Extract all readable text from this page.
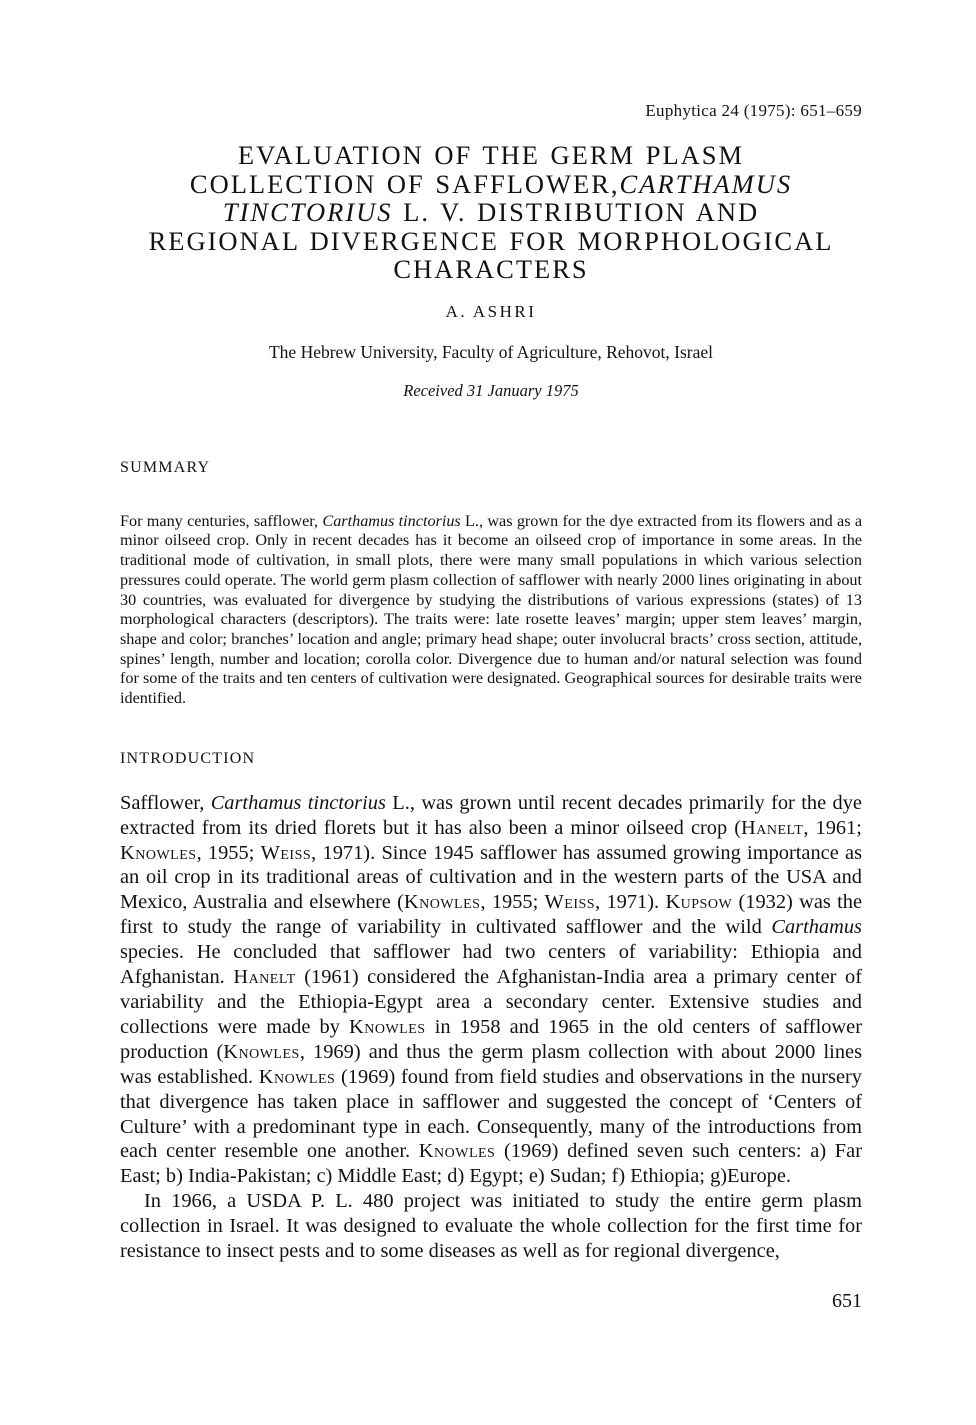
Euphytica 24 (1975): 651–659
EVALUATION OF THE GERM PLASM
COLLECTION OF SAFFLOWER,CARTHAMUS
TINCTORIUS L. V. DISTRIBUTION AND
REGIONAL DIVERGENCE FOR MORPHOLOGICAL
CHARACTERS
A. ASHRI
The Hebrew University, Faculty of Agriculture, Rehovot, Israel
Received 31 January 1975
SUMMARY

For many centuries, safflower, Carthamus tinctorius L., was grown for the dye extracted from its flowers and as a minor oilseed crop. Only in recent decades has it become an oilseed crop of importance in some areas. In the traditional mode of cultivation, in small plots, there were many small populations in which various selection pressures could operate. The world germ plasm collection of safflower with nearly 2000 lines originating in about 30 countries, was evaluated for divergence by studying the distributions of various expressions (states) of 13 morphological characters (descriptors). The traits were: late rosette leaves’ margin; upper stem leaves’ margin, shape and color; branches’ location and angle; primary head shape; outer involucral bracts’ cross section, attitude, spines’ length, number and location; corolla color. Divergence due to human and/or natural selection was found for some of the traits and ten centers of cultivation were designated. Geographical sources for desirable traits were identified.

INTRODUCTION

Safflower, Carthamus tinctorius L., was grown until recent decades primarily for the dye extracted from its dried florets but it has also been a minor oilseed crop (Hanelt, 1961; Knowles, 1955; Weiss, 1971). Since 1945 safflower has assumed growing importance as an oil crop in its traditional areas of cultivation and in the western parts of the USA and Mexico, Australia and elsewhere (Knowles, 1955; Weiss, 1971). Kupsow (1932) was the first to study the range of variability in cultivated safflower and the wild Carthamus species. He concluded that safflower had two centers of variability: Ethiopia and Afghanistan. Hanelt (1961) considered the Afghanistan-India area a primary center of variability and the Ethiopia-Egypt area a secondary center. Extensive studies and collections were made by Knowles in 1958 and 1965 in the old centers of safflower production (Knowles, 1969) and thus the germ plasm collection with about 2000 lines was established. Knowles (1969) found from field studies and observations in the nursery that divergence has taken place in safflower and suggested the concept of ‘Centers of Culture’ with a predominant type in each. Consequently, many of the introductions from each center resemble one another. Knowles (1969) defined seven such centers: a) Far East; b) India-Pakistan; c) Middle East; d) Egypt; e) Sudan; f) Ethiopia; g)Europe.

In 1966, a USDA P. L. 480 project was initiated to study the entire germ plasm collection in Israel. It was designed to evaluate the whole collection for the first time for resistance to insect pests and to some diseases as well as for regional divergence,

651
